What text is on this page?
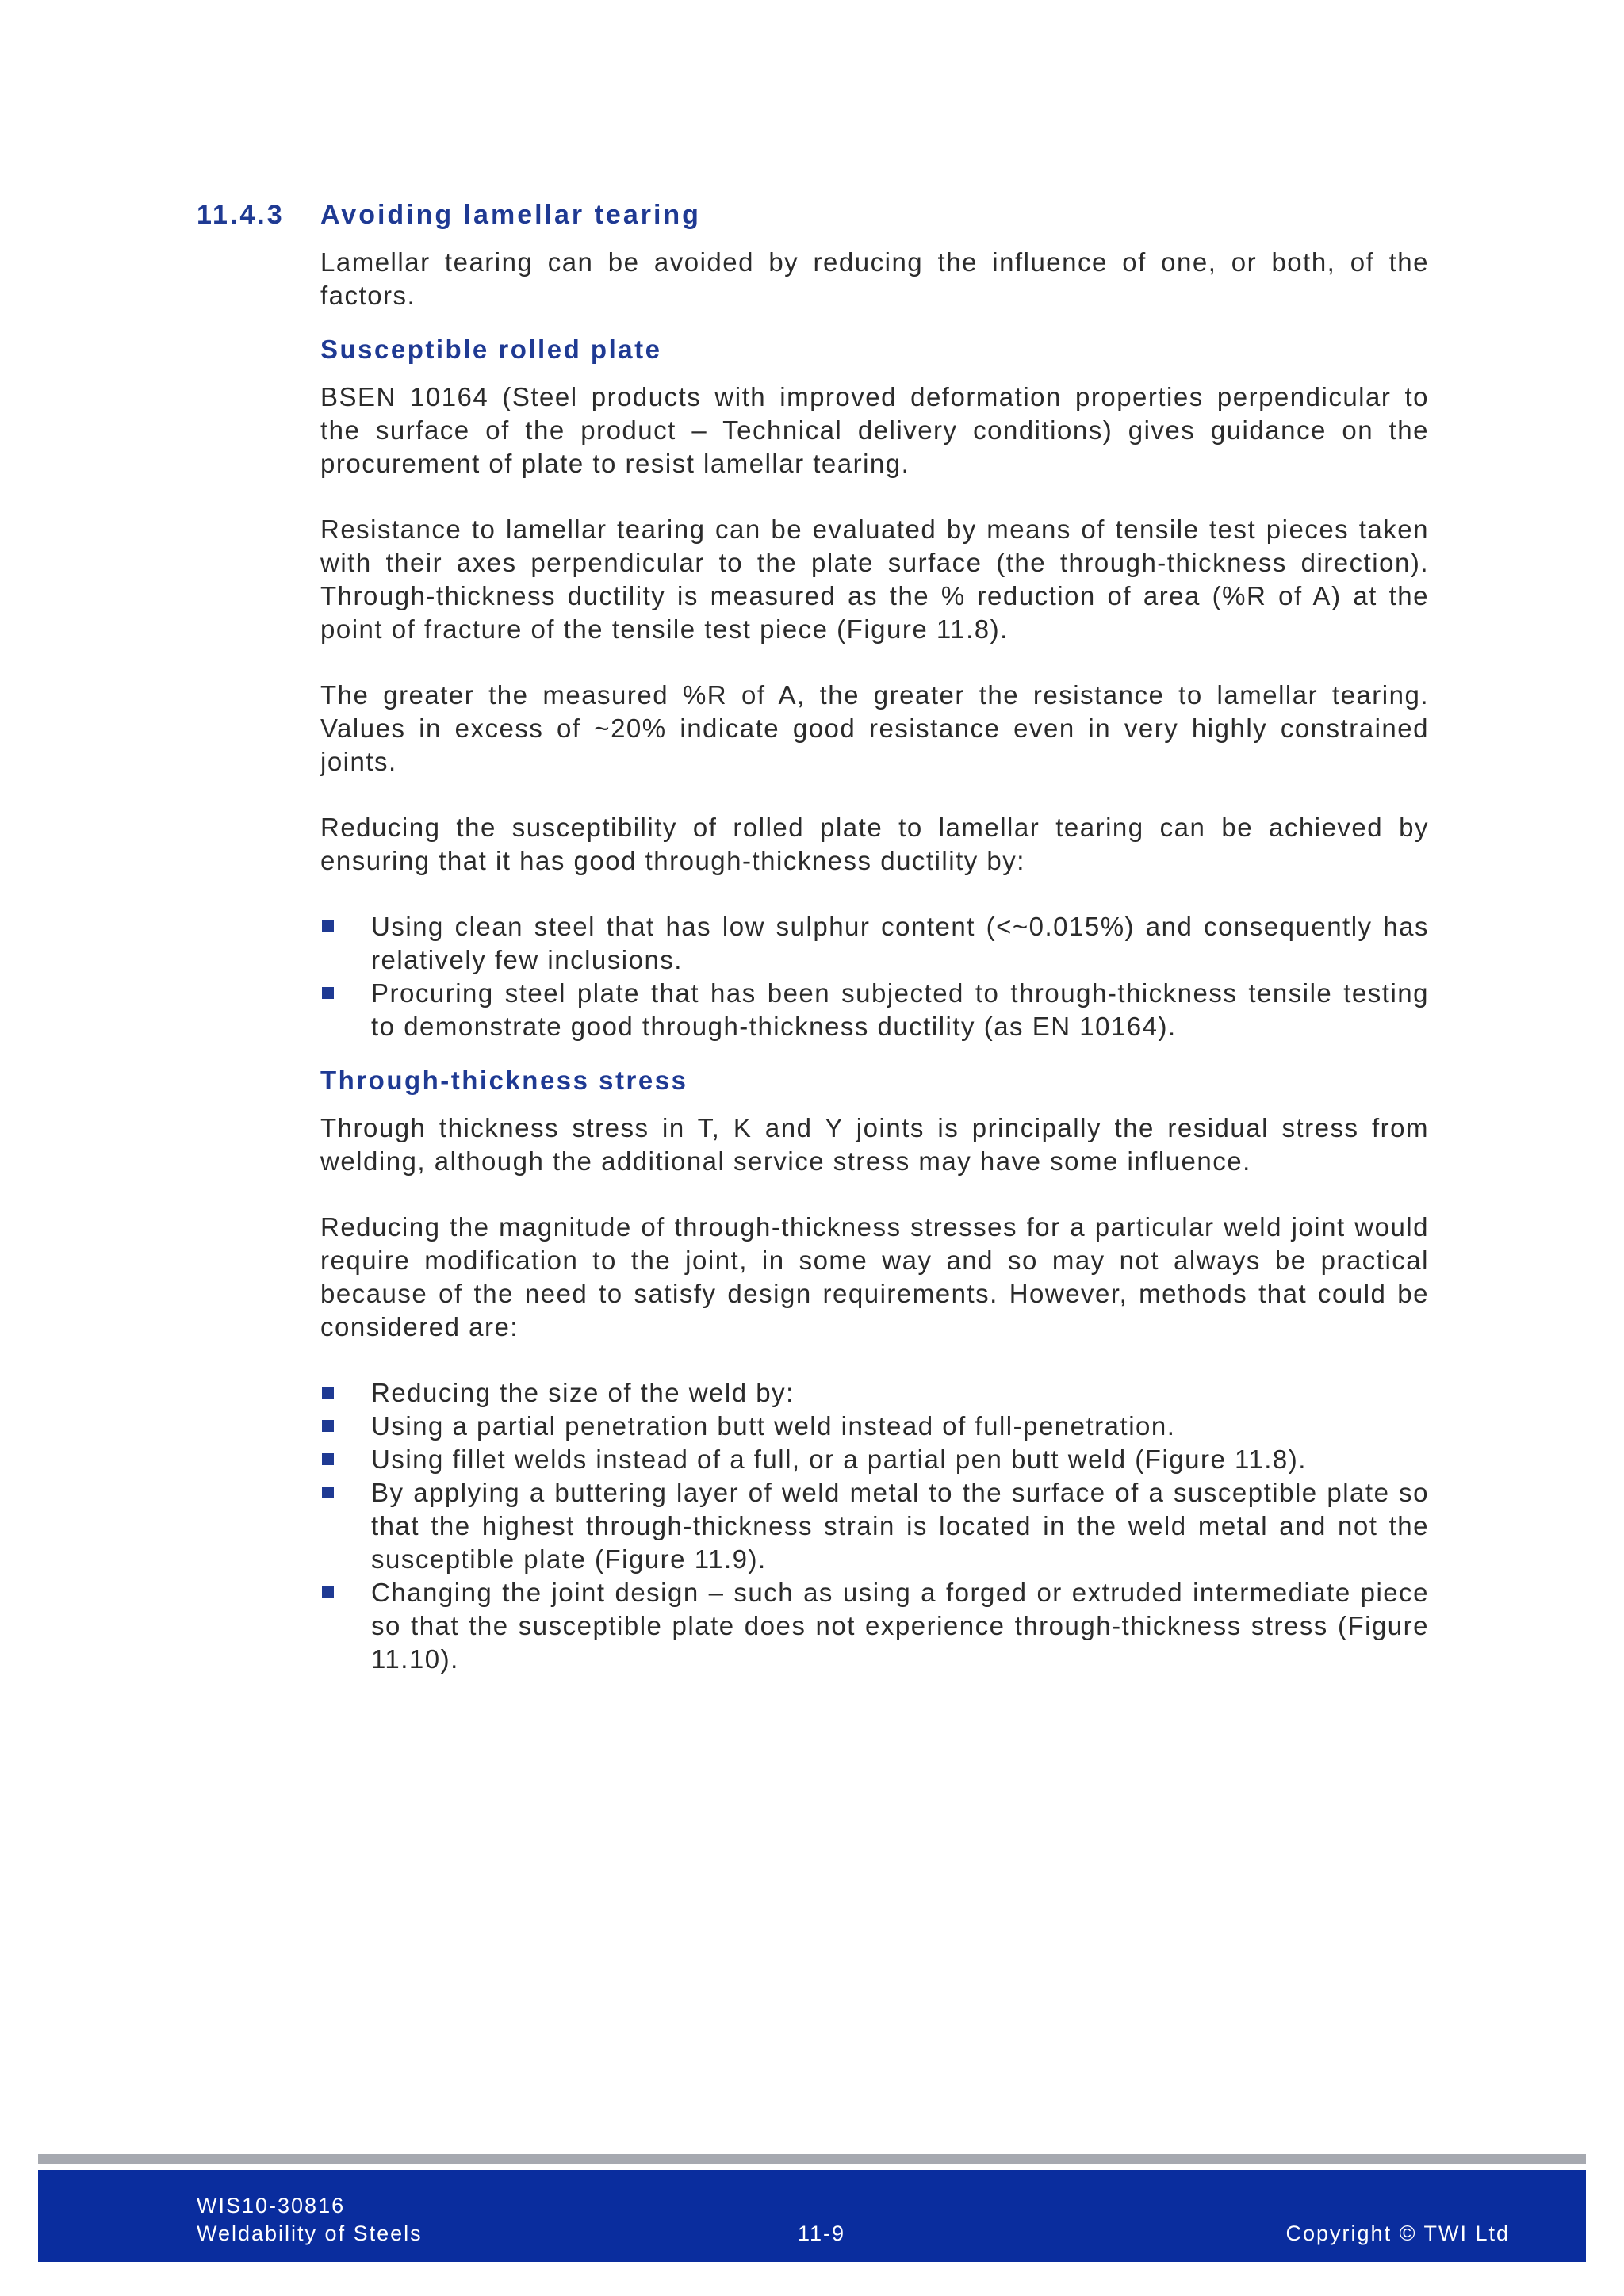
11.4.3 Avoiding lamellar tearing

Lamellar tearing can be avoided by reducing the influence of one, or both, of the factors.

Susceptible rolled plate

BSEN 10164 (Steel products with improved deformation properties perpendicular to the surface of the product – Technical delivery conditions) gives guidance on the procurement of plate to resist lamellar tearing.

Resistance to lamellar tearing can be evaluated by means of tensile test pieces taken with their axes perpendicular to the plate surface (the through-thickness direction). Through-thickness ductility is measured as the % reduction of area (%R of A) at the point of fracture of the tensile test piece (Figure 11.8).

The greater the measured %R of A, the greater the resistance to lamellar tearing. Values in excess of ~20% indicate good resistance even in very highly constrained joints.

Reducing the susceptibility of rolled plate to lamellar tearing can be achieved by ensuring that it has good through-thickness ductility by:

Using clean steel that has low sulphur content (<~0.015%) and consequently has relatively few inclusions.
Procuring steel plate that has been subjected to through-thickness tensile testing to demonstrate good through-thickness ductility (as EN 10164).
Through-thickness stress

Through thickness stress in T, K and Y joints is principally the residual stress from welding, although the additional service stress may have some influence.

Reducing the magnitude of through-thickness stresses for a particular weld joint would require modification to the joint, in some way and so may not always be practical because of the need to satisfy design requirements. However, methods that could be considered are:

Reducing the size of the weld by:
Using a partial penetration butt weld instead of full-penetration.
Using fillet welds instead of a full, or a partial pen butt weld (Figure 11.8).
By applying a buttering layer of weld metal to the surface of a susceptible plate so that the highest through-thickness strain is located in the weld metal and not the susceptible plate (Figure 11.9).
Changing the joint design – such as using a forged or extruded intermediate piece so that the susceptible plate does not experience through-thickness stress (Figure 11.10).
WIS10-30816
Weldability of Steels	11-9	Copyright © TWI Ltd
